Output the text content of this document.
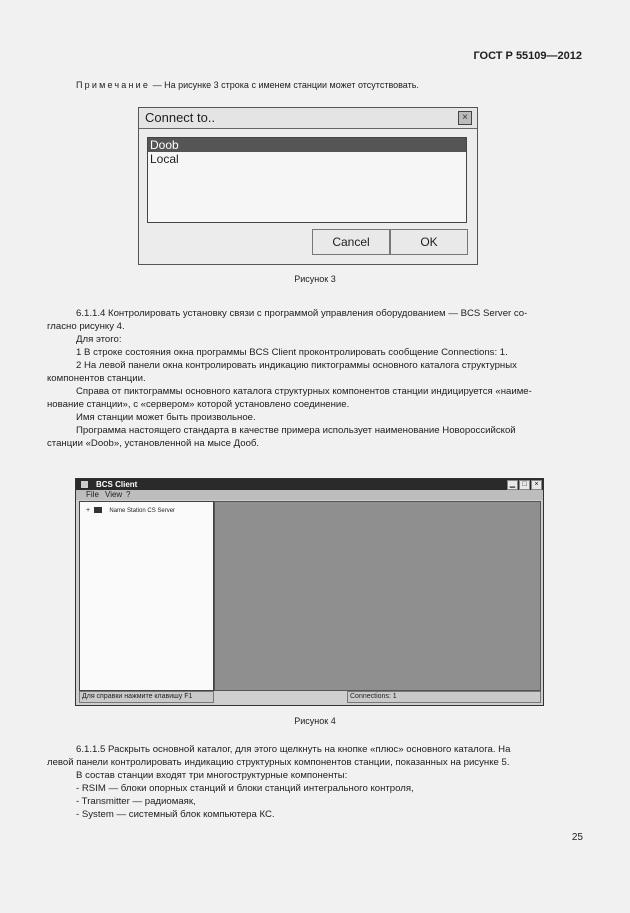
ГОСТ Р 55109—2012
Примечание — На рисунке 3 строка с именем станции может отсутствовать.
Connect to..	×
Doob
Local
Cancel	OK
Рисунок 3
6.1.1.4 Контролировать установку связи с программой управления оборудованием — BCS Server со-
гласно рисунку 4.
Для этого:
1 В строке состояния окна программы BCS Client проконтролировать сообщение Connections: 1.
2 На левой панели окна контролировать индикацию пиктограммы основного каталога структурных
компонентов станции.
Справа от пиктограммы основного каталога структурных компонентов станции индицируется «наиме-
нование станции», с «сервером» которой установлено соединение.
Имя станции может быть произвольное.
Программа настоящего стандарта в качестве примера использует наименование Новороссийской
станции «Doob», установленной на мысе Дооб.
BCS Client	▁	□	×
File View ?
+	Name Station CS Server
Для справки нажмите клавишу F1	Connections: 1
Рисунок 4
6.1.1.5 Раскрыть основной каталог, для этого щелкнуть на кнопке «плюс» основного каталога. На
левой панели контролировать индикацию структурных компонентов станции, показанных на рисунке 5.
В состав станции входят три многоструктурные компоненты:
- RSIM — блоки опорных станций и блоки станций интегрального контроля,
- Transmitter — радиомаяк,
- System — системный блок компьютера КС.
25
